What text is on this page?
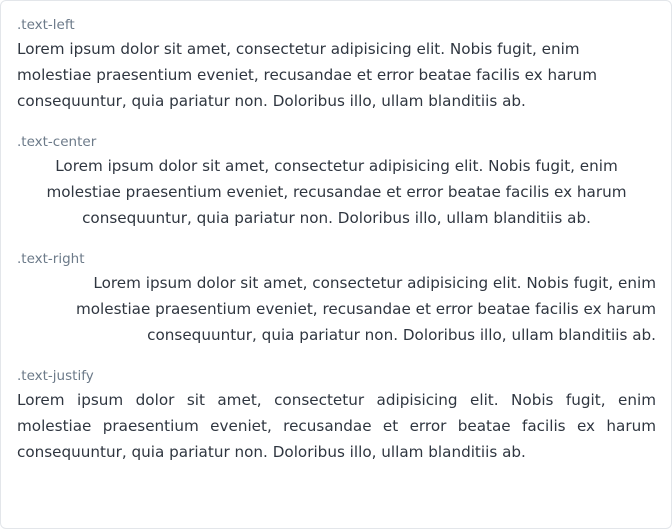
.text-left

Lorem ipsum dolor sit amet, consectetur adipisicing elit. Nobis fugit, enim molestiae praesentium eveniet, recusandae et error beatae facilis ex harum consequuntur, quia pariatur non. Doloribus illo, ullam blanditiis ab.

.text-center

Lorem ipsum dolor sit amet, consectetur adipisicing elit. Nobis fugit, enim molestiae praesentium eveniet, recusandae et error beatae facilis ex harum consequuntur, quia pariatur non. Doloribus illo, ullam blanditiis ab.

.text-right

Lorem ipsum dolor sit amet, consectetur adipisicing elit. Nobis fugit, enim molestiae praesentium eveniet, recusandae et error beatae facilis ex harum consequuntur, quia pariatur non. Doloribus illo, ullam blanditiis ab.

.text-justify

Lorem ipsum dolor sit amet, consectetur adipisicing elit. Nobis fugit, enim molestiae praesentium eveniet, recusandae et error beatae facilis ex harum consequuntur, quia pariatur non. Doloribus illo, ullam blanditiis ab.
